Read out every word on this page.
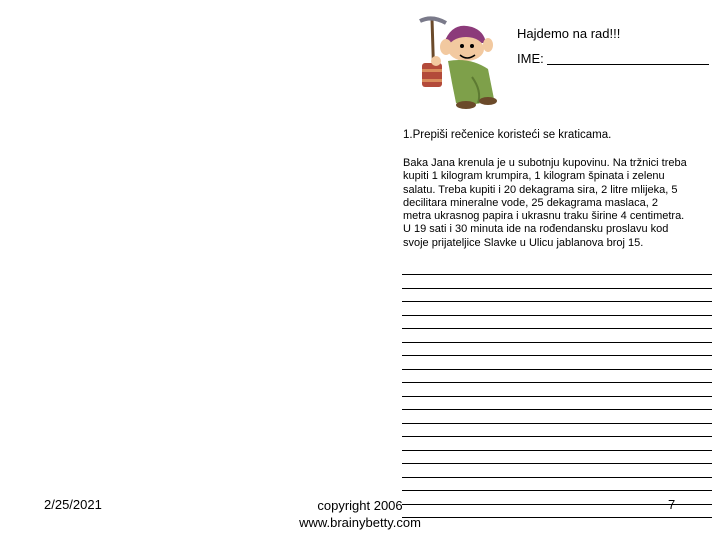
Hajdemo na rad!!!
IME:
1.Prepiši rečenice koristeći se kraticama.
Baka Jana krenula je u subotnju kupovinu. Na tržnici treba
kupiti 1 kilogram krumpira, 1 kilogram špinata i zelenu
salatu. Treba kupiti i 20 dekagrama sira, 2 litre mlijeka, 5
decilitara mineralne vode, 25 dekagrama maslaca, 2
metra ukrasnog papira i ukrasnu traku širine 4 centimetra.
U 19 sati i 30 minuta ide na rođendansku proslavu kod
svoje prijateljice Slavke u Ulicu jablanova broj 15.
2/25/2021	copyright 2006
www.brainybetty.com
7
